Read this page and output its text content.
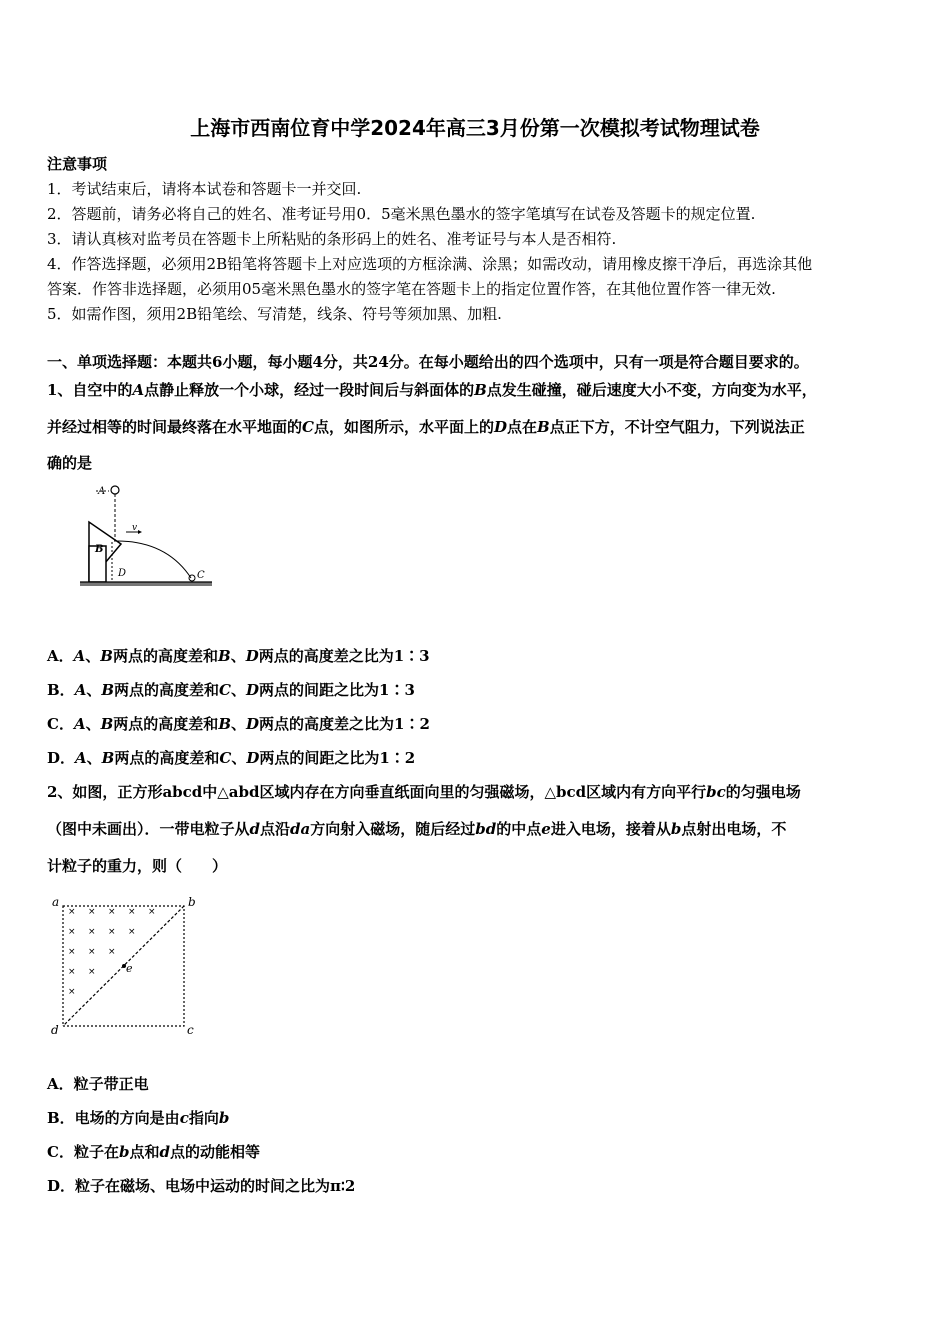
上海市西南位育中学2024年高三3月份第一次模拟考试物理试卷
注意事项
1．考试结束后，请将本试卷和答题卡一并交回.
2．答题前，请务必将自己的姓名、准考证号用0．5毫米黑色墨水的签字笔填写在试卷及答题卡的规定位置.
3．请认真核对监考员在答题卡上所粘贴的条形码上的姓名、准考证号与本人是否相符.
4．作答选择题，必须用2B铅笔将答题卡上对应选项的方框涂满、涂黑；如需改动，请用橡皮擦干净后，再选涂其他
答案．作答非选择题，必须用05毫米黑色墨水的签字笔在答题卡上的指定位置作答，在其他位置作答一律无效.
5．如需作图，须用2B铅笔绘、写清楚，线条、符号等须加黑、加粗.
一、单项选择题：本题共6小题，每小题4分，共24分。在每小题给出的四个选项中，只有一项是符合题目要求的。
1、自空中的A点静止释放一个小球，经过一段时间后与斜面体的B点发生碰撞，碰后速度大小不变，方向变为水平，
并经过相等的时间最终落在水平地面的C点，如图所示，水平面上的D点在B点正下方，不计空气阻力，下列说法正
确的是
A
B
D
v
C
A．A、B两点的高度差和B、D两点的高度差之比为1∶3
B．A、B两点的高度差和C、D两点的间距之比为1∶3
C．A、B两点的高度差和B、D两点的高度差之比为1∶2
D．A、B两点的高度差和C、D两点的间距之比为1∶2
2、如图，正方形abcd中△abd区域内存在方向垂直纸面向里的匀强磁场，△bcd区域内有方向平行bc的匀强电场
（图中未画出）．一带电粒子从d点沿da方向射入磁场，随后经过bd的中点e进入电场，接着从b点射出电场，不
计粒子的重力，则（　　）
× × × × ×
× × × ×
× × ×
× ×
×
e
a	b
c
d
A．粒子带正电
B．电场的方向是由c指向b
C．粒子在b点和d点的动能相等
D．粒子在磁场、电场中运动的时间之比为π∶2
